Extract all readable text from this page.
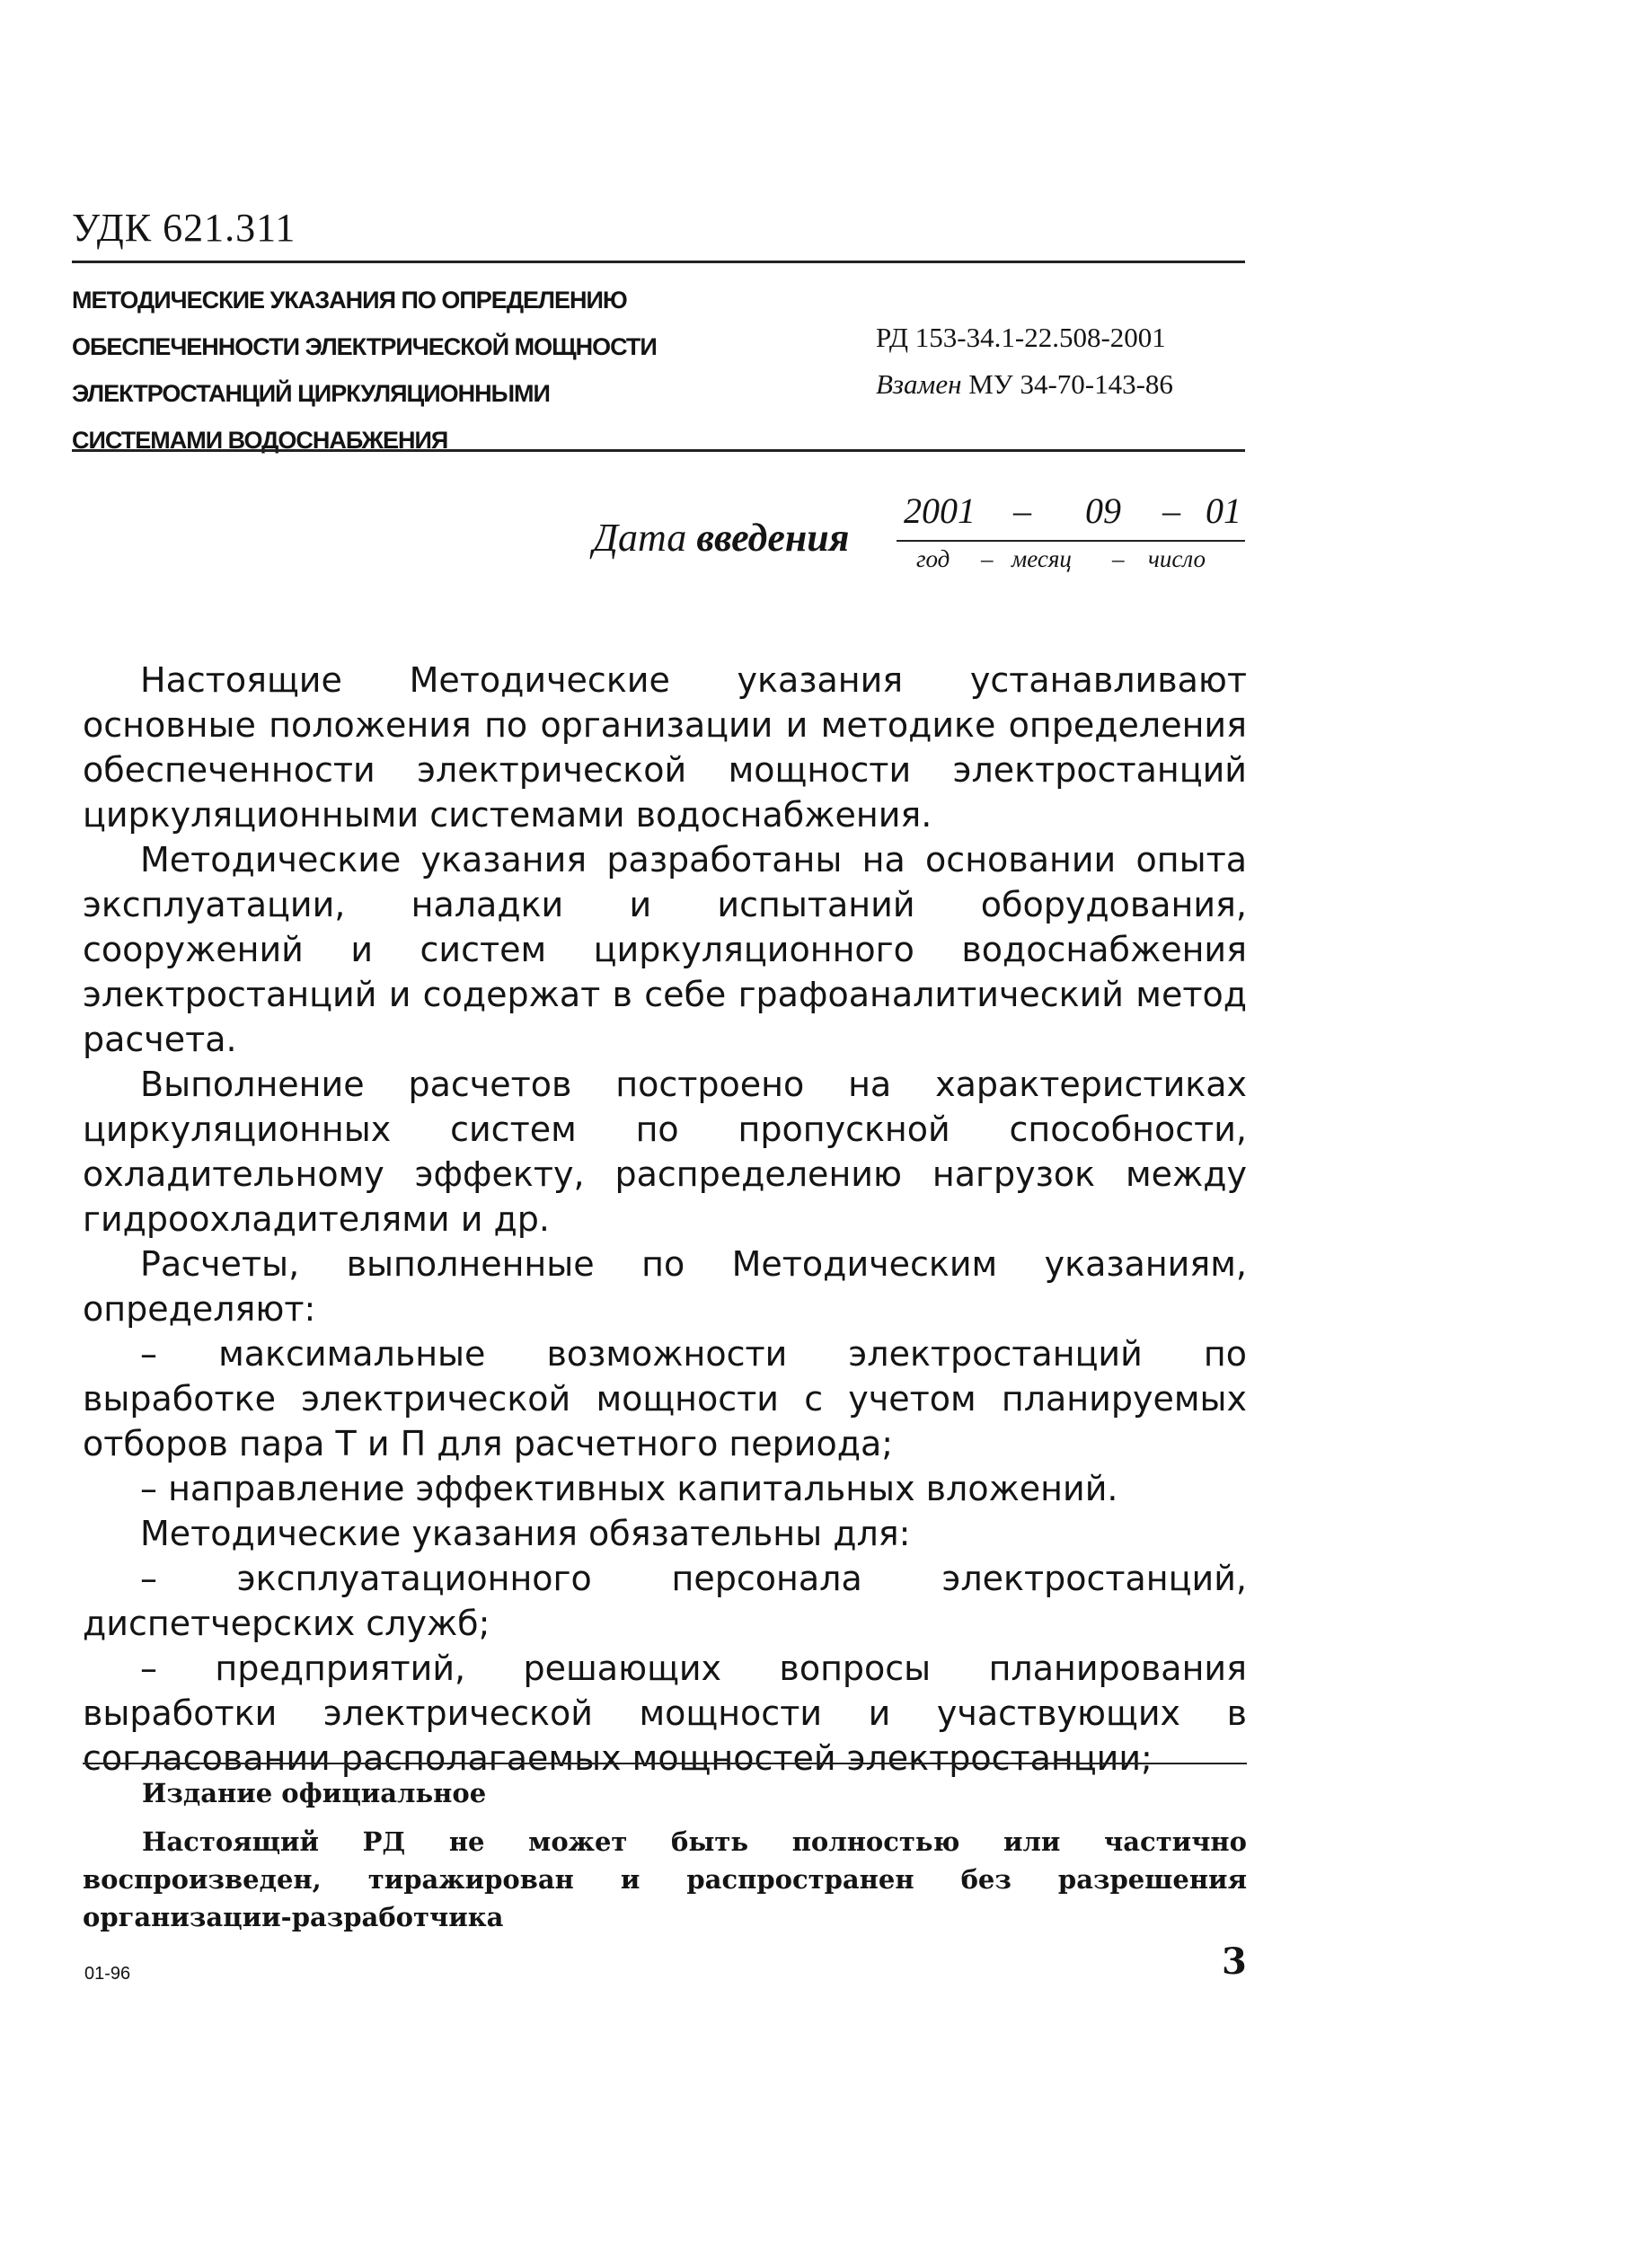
УДК 621.311
МЕТОДИЧЕСКИЕ УКАЗАНИЯ ПО ОПРЕДЕЛЕНИЮ
ОБЕСПЕЧЕННОСТИ ЭЛЕКТРИЧЕСКОЙ МОЩНОСТИ
ЭЛЕКТРОСТАНЦИЙ ЦИРКУЛЯЦИОННЫМИ
СИСТЕМАМИ ВОДОСНАБЖЕНИЯ
РД 153-34.1-22.508-2001
Взамен МУ 34-70-143-86
Дата введения
2001 – 09 – 01
год – месяц – число

Настоящие Методические указания устанавливают основные положения по организации и методике определения обеспеченности электрической мощности электростанций циркуляционными системами водоснабжения.

Методические указания разработаны на основании опыта эксплуатации, наладки и испытаний оборудования, сооружений и систем циркуляционного водоснабжения электростанций и содержат в себе графоаналитический метод расчета.

Выполнение расчетов построено на характеристиках циркуляционных систем по пропускной способности, охладительному эффекту, распределению нагрузок между гидроохладителями и др.

Расчеты, выполненные по Методическим указаниям, определяют:

– максимальные возможности электростанций по выработке электрической мощности с учетом планируемых отборов пара Т и П для расчетного периода;

– направление эффективных капитальных вложений.

Методические указания обязательны для:

– эксплуатационного персонала электростанций, диспетчерских служб;

– предприятий, решающих вопросы планирования выработки электрической мощности и участвующих в согласовании располагаемых мощностей электростанции;

Издание официальное

Настоящий РД не может быть полностью или частично воспроизведен, тиражирован и распространен без разрешения организации-разработчика

01-96	3
